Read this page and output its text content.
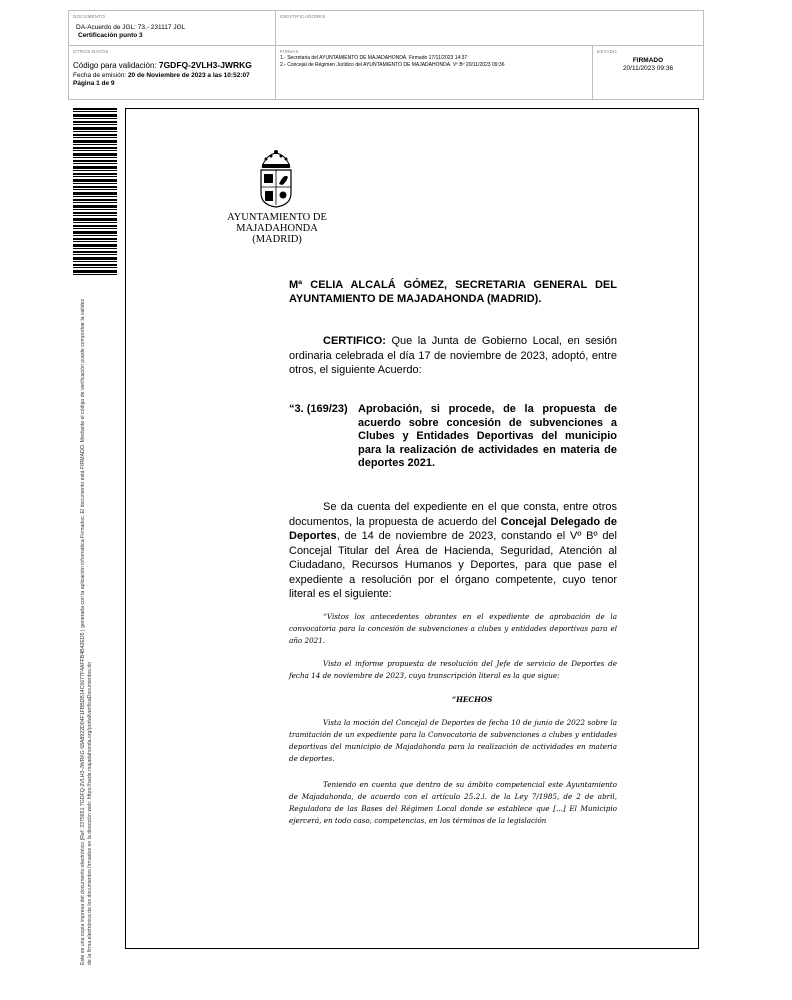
DOCUMENTO
DA-Acuerdo de JGL: 73.- 231117 JGL
Certificación punto 3
IDENTIFICADORES
OTROS DATOS
Código para validación: 7GDFQ-2VLH3-JWRKG
Fecha de emisión: 20 de Noviembre de 2023 a las 10:52:07
Página 1 de 9
FIRMAS
1.- Secretaria del AYUNTAMIENTO DE MAJADAHONDA. Firmado 17/11/2023 14:37
2.- Concejal de Régimen Jurídico del AYUNTAMIENTO DE MAJADAHONDA. Vº Bº 20/11/2023 09:36
ESTADO
FIRMADO
20/11/2023 09:36
Este es una copia impresa del documento electrónico (Ref: 2379651 7GDFQ-2VLH3-JWRKG 68A8922D04F1FBBDB14C6677F4AFFB4B42ED5 ) generada con la aplicación informática Firmadoc. El documento está FIRMADO. Mediante el código de verificación puede comprobar la validez de la firma electrónica de los documentos firmados en la dirección web: https://sede.majadahonda.org/portal/verificaDocumentos.do
AYUNTAMIENTO DE
MAJADAHONDA
(MADRID)
Mª CELIA ALCALÁ GÓMEZ, SECRETARIA GENERAL DEL AYUNTAMIENTO DE MAJADAHONDA (MADRID).
CERTIFICO: Que la Junta de Gobierno Local, en sesión ordinaria celebrada el día 17 de noviembre de 2023, adoptó, entre otros, el siguiente Acuerdo:
“3. (169/23) Aprobación, si procede, de la propuesta de acuerdo sobre concesión de subvenciones a Clubes y Entidades Deportivas del municipio para la realización de actividades en materia de deportes 2021.
Se da cuenta del expediente en el que consta, entre otros documentos, la propuesta de acuerdo del Concejal Delegado de Deportes, de 14 de noviembre de 2023, constando el Vº Bº del Concejal Titular del Área de Hacienda, Seguridad, Atención al Ciudadano, Recursos Humanos y Deportes, para que pase el expediente a resolución por el órgano competente, cuyo tenor literal es el siguiente:
“Vistos los antecedentes obrantes en el expediente de aprobación de la convocatoria para la concesión de subvenciones a clubes y entidades deportivas para el año 2021.
Visto el informe propuesta de resolución del Jefe de servicio de Deportes de fecha 14 de noviembre de 2023, cuya transcripción literal es la que sigue:
“HECHOS
Vista la moción del Concejal de Deportes de fecha 10 de junio de 2022 sobre la tramitación de un expediente para la Convocatoria de subvenciones a clubes y entidades deportivas del municipio de Majadahonda para la realización de actividades en materia de deportes.
Teniendo en cuenta que dentro de su ámbito competencial este Ayuntamiento de Majadahonda, de acuerdo con el artículo 25.2.l. de la Ley 7/1985, de 2 de abril, Reguladora de las Bases del Régimen Local donde se establece que [...] El Municipio ejercerá, en todo caso, competencias, en los términos de la legislación
